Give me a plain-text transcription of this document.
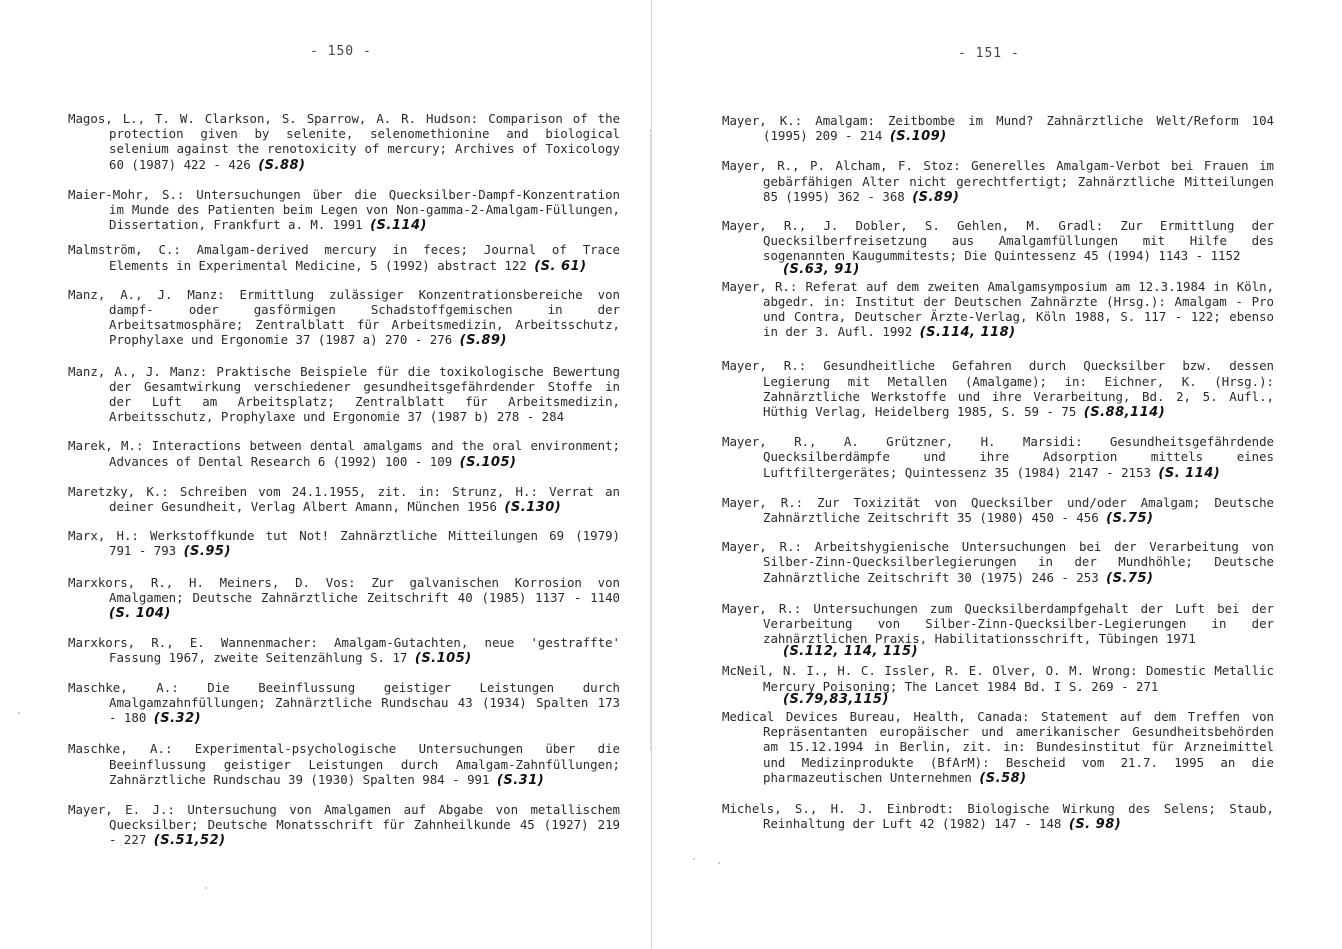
- 150 -

Magos, L., T. W. Clarkson, S. Sparrow, A. R. Hudson: Comparison of the protection given by selenite, selenomethionine and biological selenium against the renotoxicity of mercury; Archives of Toxicology 60 (1987) 422 - 426 (S.88)

Maier-Mohr, S.: Untersuchungen über die Quecksilber-Dampf-Konzentration im Munde des Patienten beim Legen von Non-gamma-2-Amalgam-Füllungen, Dissertation, Frankfurt a. M. 1991 (S.114)

Malmström, C.: Amalgam-derived mercury in feces; Journal of Trace Elements in Experimental Medicine, 5 (1992) abstract 122 (S. 61)

Manz, A., J. Manz: Ermittlung zulässiger Konzentrationsbereiche von dampf- oder gasförmigen Schadstoffgemischen in der Arbeitsatmosphäre; Zentralblatt für Arbeitsmedizin, Arbeitsschutz, Prophylaxe und Ergonomie 37 (1987 a) 270 - 276 (S.89)

Manz, A., J. Manz: Praktische Beispiele für die toxikologische Bewertung der Gesamtwirkung verschiedener gesundheitsgefährdender Stoffe in der Luft am Arbeitsplatz; Zentralblatt für Arbeitsmedizin, Arbeitsschutz, Prophylaxe und Ergonomie 37 (1987 b) 278 - 284

Marek, M.: Interactions between dental amalgams and the oral environment; Advances of Dental Research 6 (1992) 100 - 109 (S.105)

Maretzky, K.: Schreiben vom 24.1.1955, zit. in: Strunz, H.: Verrat an deiner Gesundheit, Verlag Albert Amann, München 1956 (S.130)

Marx, H.: Werkstoffkunde tut Not! Zahnärztliche Mitteilungen 69 (1979) 791 - 793 (S.95)

Marxkors, R., H. Meiners, D. Vos: Zur galvanischen Korrosion von Amalgamen; Deutsche Zahnärztliche Zeitschrift 40 (1985) 1137 - 1140 (S. 104)

Marxkors, R., E. Wannenmacher: Amalgam-Gutachten, neue 'gestraffte' Fassung 1967, zweite Seitenzählung S. 17 (S.105)

Maschke, A.: Die Beeinflussung geistiger Leistungen durch Amalgamzahnfüllungen; Zahnärztliche Rundschau 43 (1934) Spalten 173 - 180 (S.32)

Maschke, A.: Experimental-psychologische Untersuchungen über die Beeinflussung geistiger Leistungen durch Amalgam-Zahnfüllungen; Zahnärztliche Rundschau 39 (1930) Spalten 984 - 991 (S.31)

Mayer, E. J.: Untersuchung von Amalgamen auf Abgabe von metallischem Quecksilber; Deutsche Monatsschrift für Zahnheilkunde 45 (1927) 219 - 227 (S.51,52)

- 151 -

Mayer, K.: Amalgam: Zeitbombe im Mund? Zahnärztliche Welt/Reform 104 (1995) 209 - 214 (S.109)

Mayer, R., P. Alcham, F. Stoz: Generelles Amalgam-Verbot bei Frauen im gebärfähigen Alter nicht gerechtfertigt; Zahnärztliche Mitteilungen 85 (1995) 362 - 368 (S.89)

Mayer, R., J. Dobler, S. Gehlen, M. Gradl: Zur Ermittlung der Quecksilberfreisetzung aus Amalgamfüllungen mit Hilfe des sogenannten Kaugummitests; Die Quintessenz 45 (1994) 1143 - 1152
(S.63, 91)

Mayer, R.: Referat auf dem zweiten Amalgamsymposium am 12.3.1984 in Köln, abgedr. in: Institut der Deutschen Zahnärzte (Hrsg.): Amalgam - Pro und Contra, Deutscher Ärzte-Verlag, Köln 1988, S. 117 - 122; ebenso in der 3. Aufl. 1992 (S.114, 118)

Mayer, R.: Gesundheitliche Gefahren durch Quecksilber bzw. dessen Legierung mit Metallen (Amalgame); in: Eichner, K. (Hrsg.): Zahnärztliche Werkstoffe und ihre Verarbeitung, Bd. 2, 5. Aufl., Hüthig Verlag, Heidelberg 1985, S. 59 - 75 (S.88,114)

Mayer, R., A. Grützner, H. Marsidi: Gesundheitsgefährdende Quecksilberdämpfe und ihre Adsorption mittels eines Luftfiltergerätes; Quintessenz 35 (1984) 2147 - 2153 (S. 114)

Mayer, R.: Zur Toxizität von Quecksilber und/oder Amalgam; Deutsche Zahnärztliche Zeitschrift 35 (1980) 450 - 456 (S.75)

Mayer, R.: Arbeitshygienische Untersuchungen bei der Verarbeitung von Silber-Zinn-Quecksilberlegierungen in der Mundhöhle; Deutsche Zahnärztliche Zeitschrift 30 (1975) 246 - 253 (S.75)

Mayer, R.: Untersuchungen zum Quecksilberdampfgehalt der Luft bei der Verarbeitung von Silber-Zinn-Quecksilber-Legierungen in der zahnärztlichen Praxis, Habilitationsschrift, Tübingen 1971
(S.112, 114, 115)

McNeil, N. I., H. C. Issler, R. E. Olver, O. M. Wrong: Domestic Metallic Mercury Poisoning; The Lancet 1984 Bd. I S. 269 - 271
(S.79,83,115)

Medical Devices Bureau, Health, Canada: Statement auf dem Treffen von Repräsentanten europäischer und amerikanischer Gesundheitsbehörden am 15.12.1994 in Berlin, zit. in: Bundesinstitut für Arzneimittel und Medizinprodukte (BfArM): Bescheid vom 21.7. 1995 an die pharmazeutischen Unternehmen (S.58)

Michels, S., H. J. Einbrodt: Biologische Wirkung des Selens; Staub, Reinhaltung der Luft 42 (1982) 147 - 148 (S. 98)
